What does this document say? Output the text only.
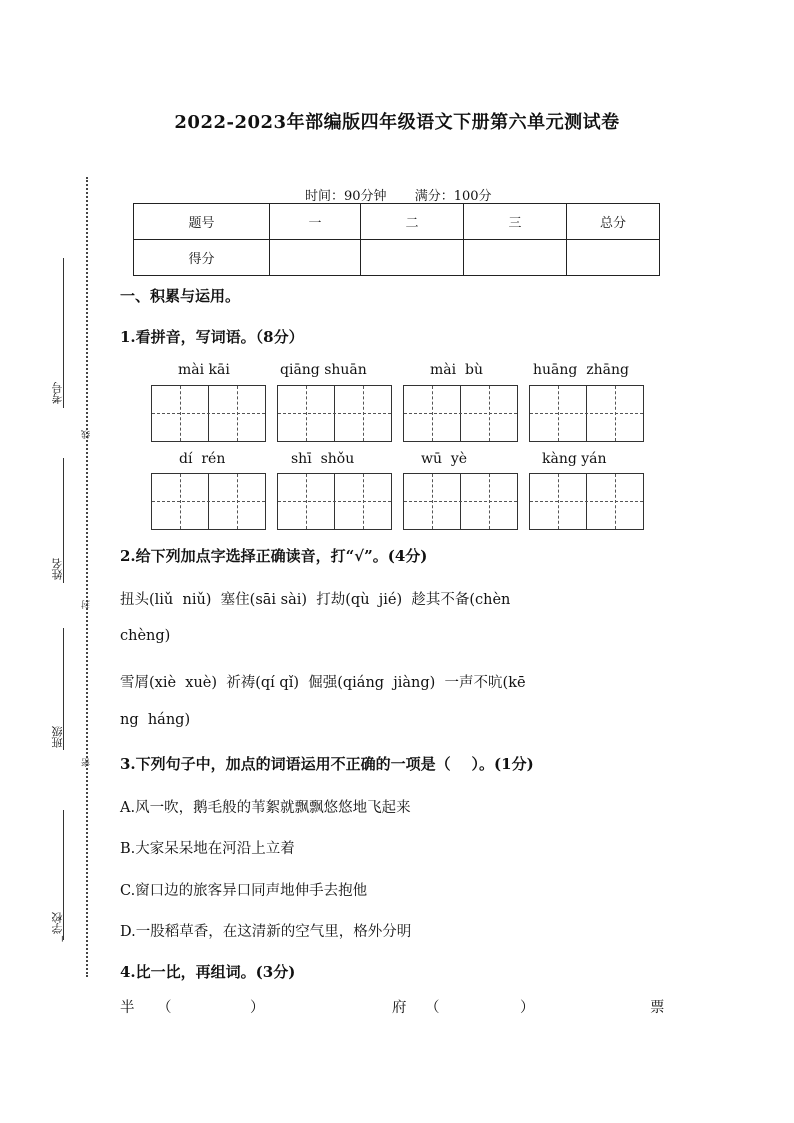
2022-2023年部编版四年级语文下册第六单元测试卷
时间：90分钟 满分：100分
题号	一	二	三	总分
得分				
考号
线
姓名
封
班级
密
学校
_
一、积累与运用。
1.看拼音，写词语。（8分）
mài kāi	qiāng shuān	mài  bù	huāng  zhāng
dí  rén	shī  shǒu	wū  yè	kàng yán
2.给下列加点字选择正确读音，打“√”。(4分)
扭头(liǔ  niǔ)  塞住(sāi sài)  打劫(qù  jié)  趁其不备(chèn
chèng)
雪屑(xiè  xuè)  祈祷(qí qǐ)  倔强(qiáng  jiàng)  一声不吭(kē
ng  háng)
3.下列句子中，加点的词语运用不正确的一项是（    ）。(1分)
A.风一吹，鹅毛般的苇絮就飘飘悠悠地飞起来
B.大家呆呆地在河沿上立着
C.窗口边的旅客异口同声地伸手去抱他
D.一股稻草香，在这清新的空气里，格外分明
4.比一比，再组词。(3分)
半 （	）	府 （	）	票
